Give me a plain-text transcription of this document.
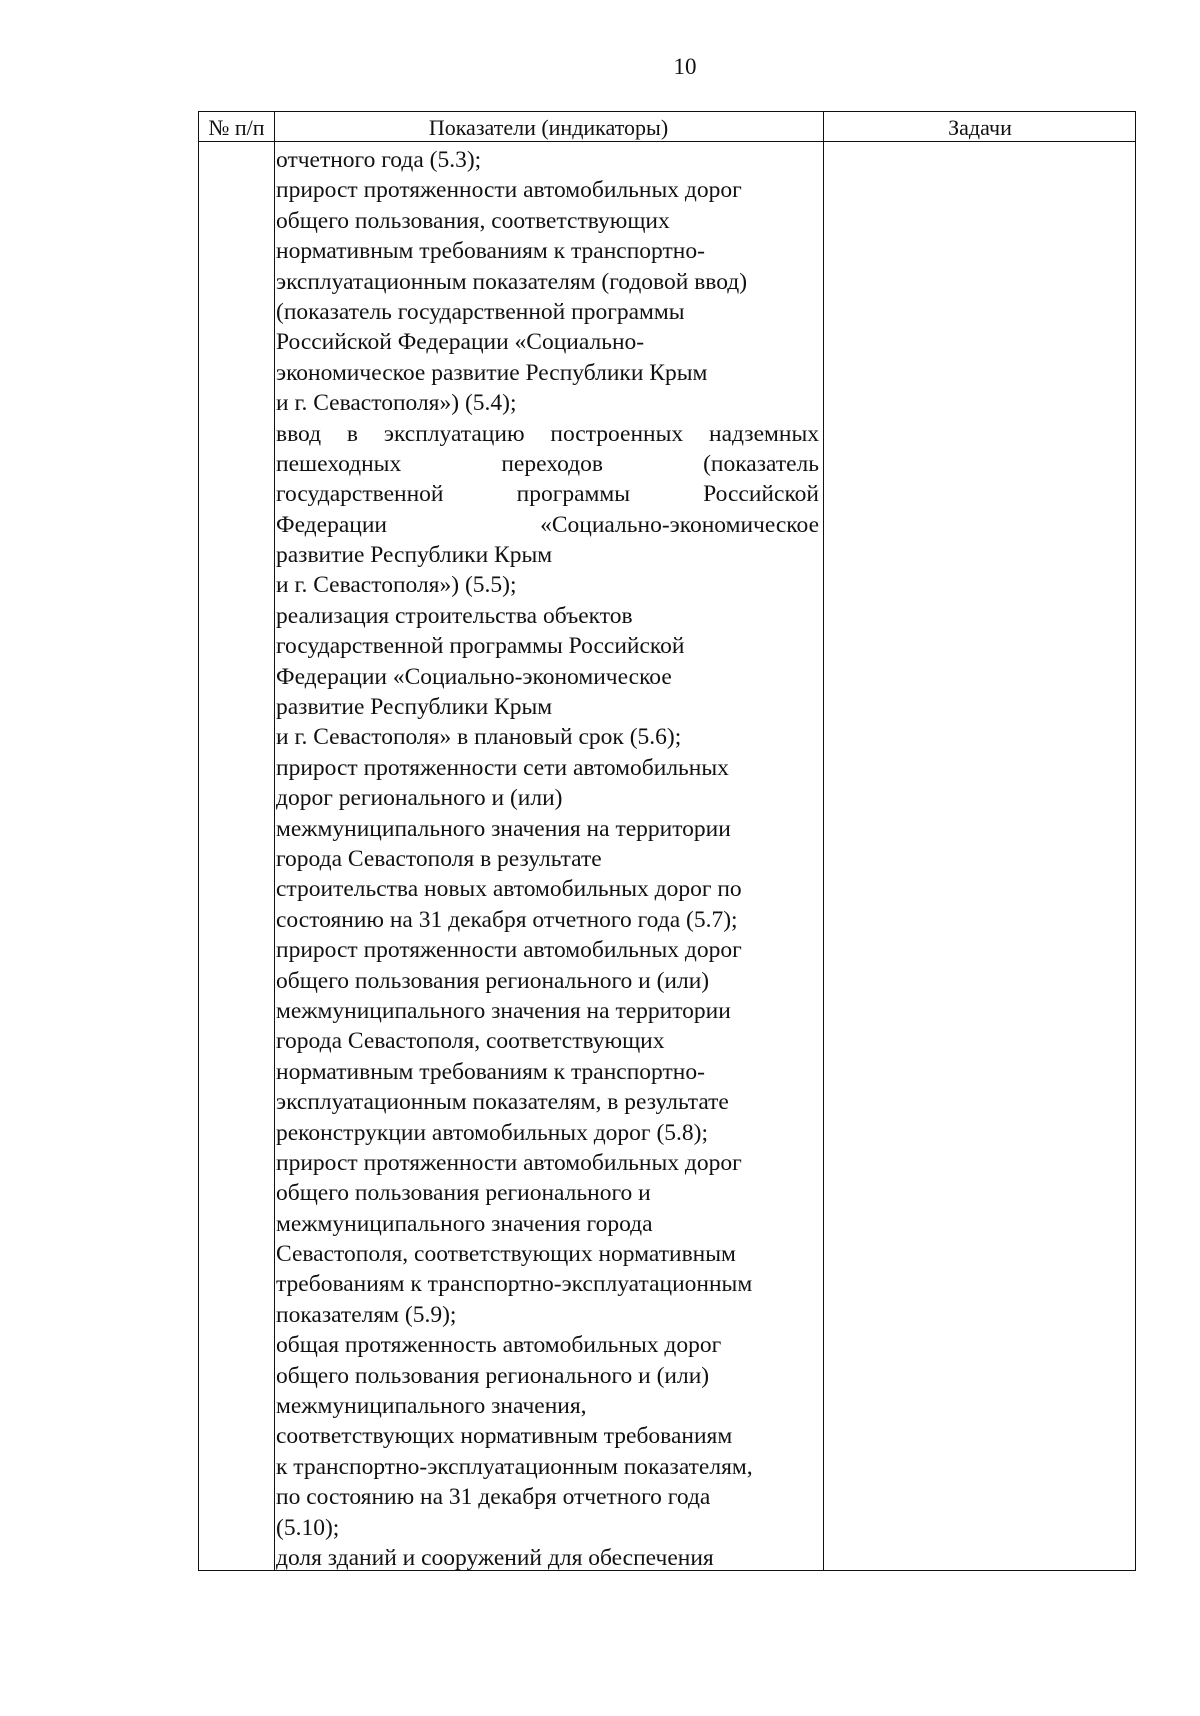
10
№ п/п	Показатели (индикаторы)	Задачи
отчетного года (5.3);
прирост протяженности автомобильных дорог
общего пользования, соответствующих
нормативным требованиям к транспортно-
эксплуатационным показателям (годовой ввод)
(показатель государственной программы
Российской Федерации «Социально-
экономическое развитие Республики Крым
и г. Севастополя») (5.4);
ввод в эксплуатацию построенных надземных
пешеходных переходов (показатель
государственной программы Российской
Федерации «Социально-экономическое
развитие Республики Крым
и г. Севастополя») (5.5);
реализация строительства объектов
государственной программы Российской
Федерации «Социально-экономическое
развитие Республики Крым
и г. Севастополя» в плановый срок (5.6);
прирост протяженности сети автомобильных
дорог регионального и (или)
межмуниципального значения на территории
города Севастополя в результате
строительства новых автомобильных дорог по
состоянию на 31 декабря отчетного года (5.7);
прирост протяженности автомобильных дорог
общего пользования регионального и (или)
межмуниципального значения на территории
города Севастополя, соответствующих
нормативным требованиям к транспортно-
эксплуатационным показателям, в результате
реконструкции автомобильных дорог (5.8);
прирост протяженности автомобильных дорог
общего пользования регионального и
межмуниципального значения города
Севастополя, соответствующих нормативным
требованиям к транспортно-эксплуатационным
показателям (5.9);
общая протяженность автомобильных дорог
общего пользования регионального и (или)
межмуниципального значения,
соответствующих нормативным требованиям
к транспортно-эксплуатационным показателям,
по состоянию на 31 декабря отчетного года
(5.10);
доля зданий и сооружений для обеспечения
